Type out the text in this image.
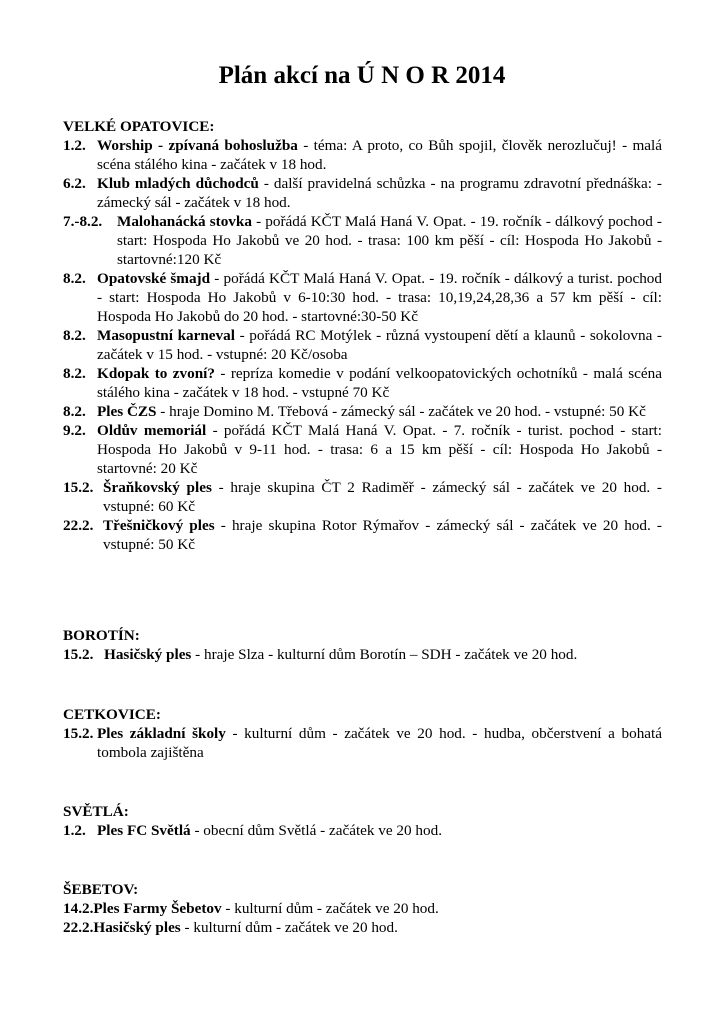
Plán akcí na Ú N O R 2014

VELKÉ OPATOVICE:

1.2. Worship - zpívaná bohoslužba - téma: A proto, co Bůh spojil, člověk nerozlučuj! - malá scéna stálého kina - začátek v 18 hod.
6.2. Klub mladých důchodců - další pravidelná schůzka - na programu zdravotní přednáška: - zámecký sál - začátek v 18 hod.
7.-8.2. Malohanácká stovka - pořádá KČT Malá Haná V. Opat. - 19. ročník - dálkový pochod - start: Hospoda Ho Jakobů ve 20 hod. - trasa: 100 km pěší - cíl: Hospoda Ho Jakobů - startovné:120 Kč
8.2. Opatovské šmajd - pořádá KČT Malá Haná V. Opat. - 19. ročník - dálkový a turist. pochod - start: Hospoda Ho Jakobů v 6-10:30 hod. - trasa: 10,19,24,28,36 a 57 km pěší - cíl: Hospoda Ho Jakobů do 20 hod. - startovné:30-50 Kč
8.2. Masopustní karneval - pořádá RC Motýlek - různá vystoupení dětí a klaunů - sokolovna - začátek v 15 hod. - vstupné: 20 Kč/osoba
8.2. Kdopak to zvoní? - repríza komedie v podání velkoopatovických ochotníků - malá scéna stálého kina - začátek v 18 hod. - vstupné 70 Kč
8.2. Ples ČZS - hraje Domino M. Třebová - zámecký sál - začátek ve 20 hod. - vstupné: 50 Kč
9.2. Oldův memoriál - pořádá KČT Malá Haná V. Opat. - 7. ročník - turist. pochod - start: Hospoda Ho Jakobů v 9-11 hod. - trasa: 6 a 15 km pěší - cíl: Hospoda Ho Jakobů - startovné: 20 Kč
15.2. Šraňkovský ples - hraje skupina ČT 2 Radiměř - zámecký sál - začátek ve 20 hod. - vstupné: 60 Kč
22.2. Třešničkový ples - hraje skupina Rotor Rýmařov - zámecký sál - začátek ve 20 hod. - vstupné: 50 Kč

BOROTÍN:

15.2. Hasičský ples - hraje Slza - kulturní dům Borotín – SDH - začátek ve 20 hod.

CETKOVICE:

15.2. Ples základní školy - kulturní dům - začátek ve 20 hod. - hudba, občerstvení a bohatá tombola zajištěna

SVĚTLÁ:

1.2. Ples FC Světlá - obecní dům Světlá - začátek ve 20 hod.

ŠEBETOV:

14.2. Ples Farmy Šebetov - kulturní dům - začátek ve 20 hod.
22.2. Hasičský ples - kulturní dům - začátek ve 20 hod.
